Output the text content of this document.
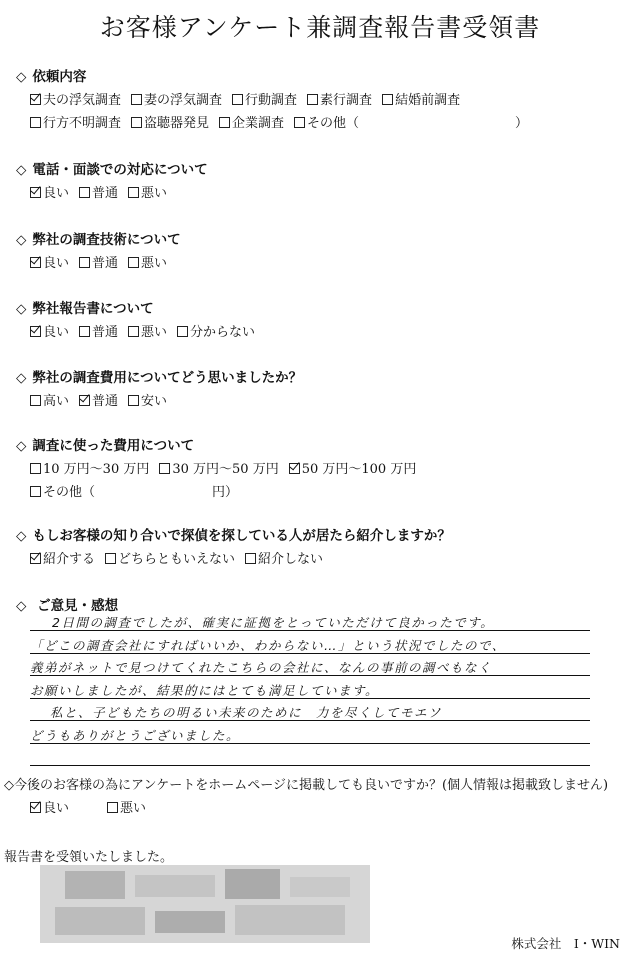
お客様アンケート兼調査報告書受領書
◇ 依頼内容
夫の浮気調査 妻の浮気調査 行動調査 素行調査 結婚前調査
行方不明調査 盗聴器発見 企業調査 その他（　　　　　　　　　　　　）
◇ 電話・面談での対応について
良い 普通 悪い
◇ 弊社の調査技術について
良い 普通 悪い
◇ 弊社報告書について
良い 普通 悪い 分からない
◇ 弊社の調査費用についてどう思いましたか？
高い 普通 安い
◇ 調査に使った費用について
10 万円～30 万円 30 万円～50 万円 50 万円～100 万円
その他（　　　　　　　　　円）
◇ もしお客様の知り合いで探偵を探している人が居たら紹介しますか？
紹介する どちらともいえない 紹介しない
◇ ご意見・感想
2日間の調査でしたが、確実に証拠をとっていただけて良かったです。
「どこの調査会社にすればいいか、わからない…」という状況でしたので、
義弟がネットで見つけてくれたこちらの会社に、なんの事前の調べもなく
お願いしましたが、結果的にはとても満足しています。
私と、子どもたちの明るい未来のために　力を尽くしてモエソ
どうもありがとうございました。
◇今後のお客様の為にアンケートをホームページに掲載しても良いですか？(個人情報は掲載致しません)
良い	悪い
報告書を受領いたしました。
株式会社　I・WIN
